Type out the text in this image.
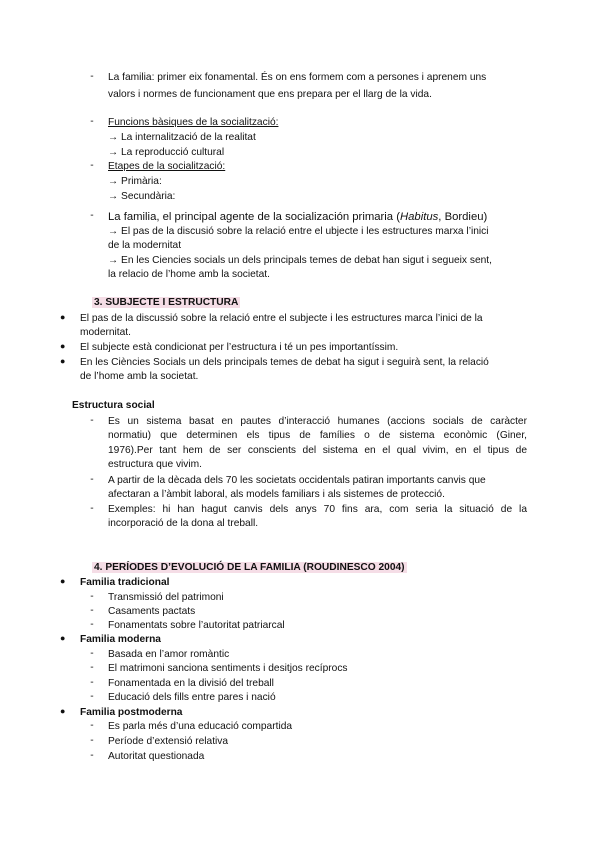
-	La familia: primer eix fonamental. És on ens formem com a persones i aprenem uns
valors i normes de funcionament que ens prepara per el llarg de la vida.
-	Funcions bàsiques de la socialització:
→ La internalització de la realitat
→ La reproducció cultural
-	Etapes de la socialització:
→ Primària:
→ Secundària:
- La familia, el principal agente de la socialización primaria (Habitus, Bordieu)
→ El pas de la discusió sobre la relació entre el ubjecte i les estructures marxa l’inici
de la modernitat
→ En les Ciencies socials un dels principals temes de debat han sigut i segueix sent,
la relacio de l’home amb la societat.
3. SUBJECTE I ESTRUCTURA
● El pas de la discussió sobre la relació entre el subjecte i les estructures marca l’inici de la
modernitat.
● El subjecte està condicionat per l’estructura i té un pes importantíssim.
● En les Ciències Socials un dels principals temes de debat ha sigut i seguirà sent, la relació
de l’home amb la societat.
Estructura social
-	Es un sistema basat en pautes d’interacció humanes (accions socials de caràcter
normatiu) que determinen els tipus de famílies o de sistema econòmic (Giner,
1976).Per tant hem de ser conscients del sistema en el qual vivim, en el tipus de
estructura que vivim.
-	A partir de la dècada dels 70 les societats occidentals patiran importants canvis que
afectaran a l’àmbit laboral, als models familiars i als sistemes de protecció.
-	Exemples: hi han hagut canvis dels anys 70 fins ara, com seria la situació de la
incorporació de la dona al treball.
4. PERÍODES D’EVOLUCIÓ DE LA FAMILIA (ROUDINESCO 2004)
● Familia tradicional
-	Transmissió del patrimoni
-	Casaments pactats
-	Fonamentats sobre l’autoritat patriarcal
● Familia moderna
-	Basada en l’amor romàntic
-	El matrimoni sanciona sentiments i desitjos recíprocs
-	Fonamentada en la divisió del treball
-	Educació dels fills entre pares i nació
● Familia postmoderna
-	Es parla més d’una educació compartida
-	Període d’extensió relativa
-	Autoritat questionada
